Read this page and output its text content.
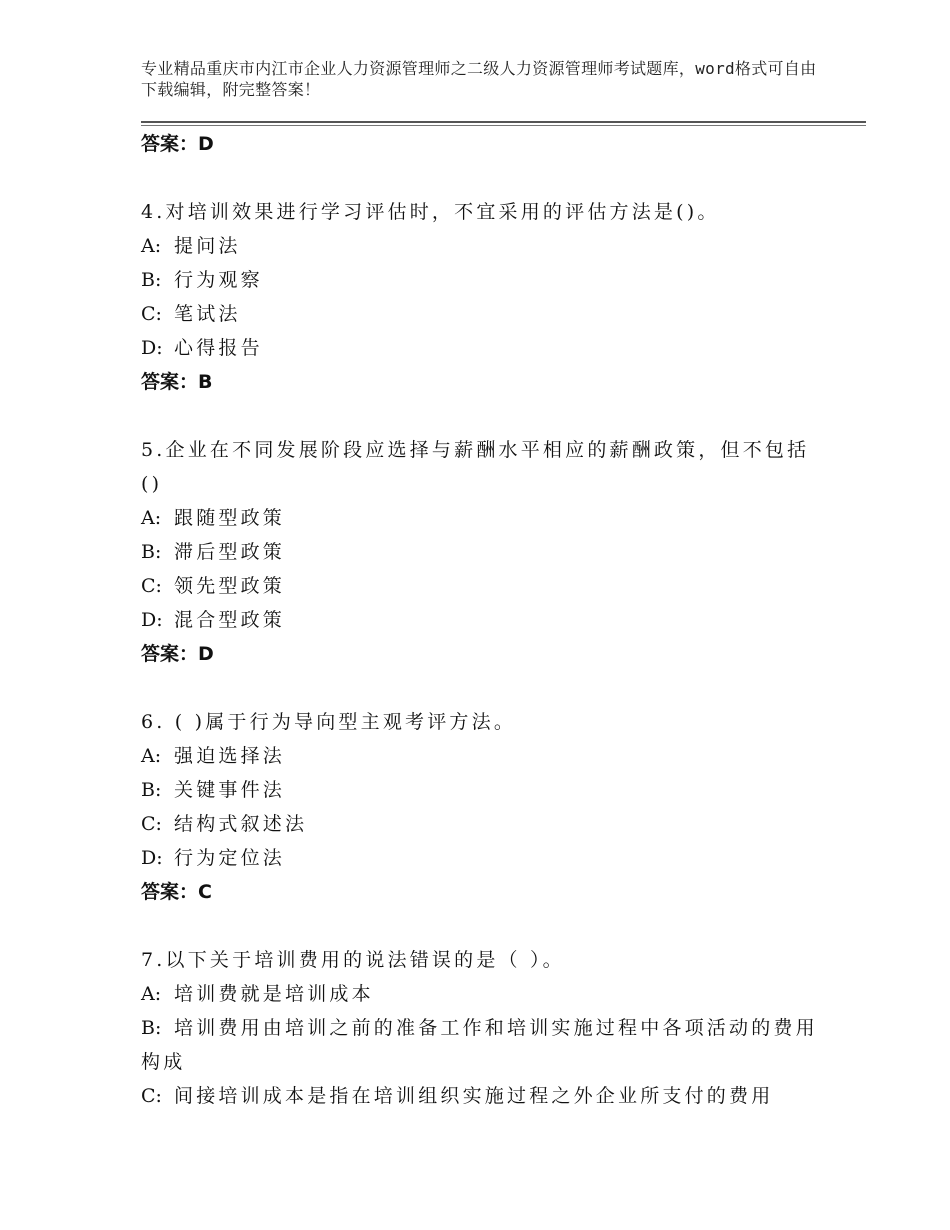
专业精品重庆市内江市企业人力资源管理师之二级人力资源管理师考试题库，word格式可自由下载编辑，附完整答案！
答案：D
4.对培训效果进行学习评估时，不宜采用的评估方法是()。
A: 提问法
B: 行为观察
C: 笔试法
D: 心得报告
答案：B
5.企业在不同发展阶段应选择与薪酬水平相应的薪酬政策，但不包括()
A: 跟随型政策
B: 滞后型政策
C: 领先型政策
D: 混合型政策
答案：D
6. ( )属于行为导向型主观考评方法。
A: 强迫选择法
B: 关键事件法
C: 结构式叙述法
D: 行为定位法
答案：C
7.以下关于培训费用的说法错误的是（ ）。
A: 培训费就是培训成本
B: 培训费用由培训之前的准备工作和培训实施过程中各项活动的费用构成
C: 间接培训成本是指在培训组织实施过程之外企业所支付的费用
